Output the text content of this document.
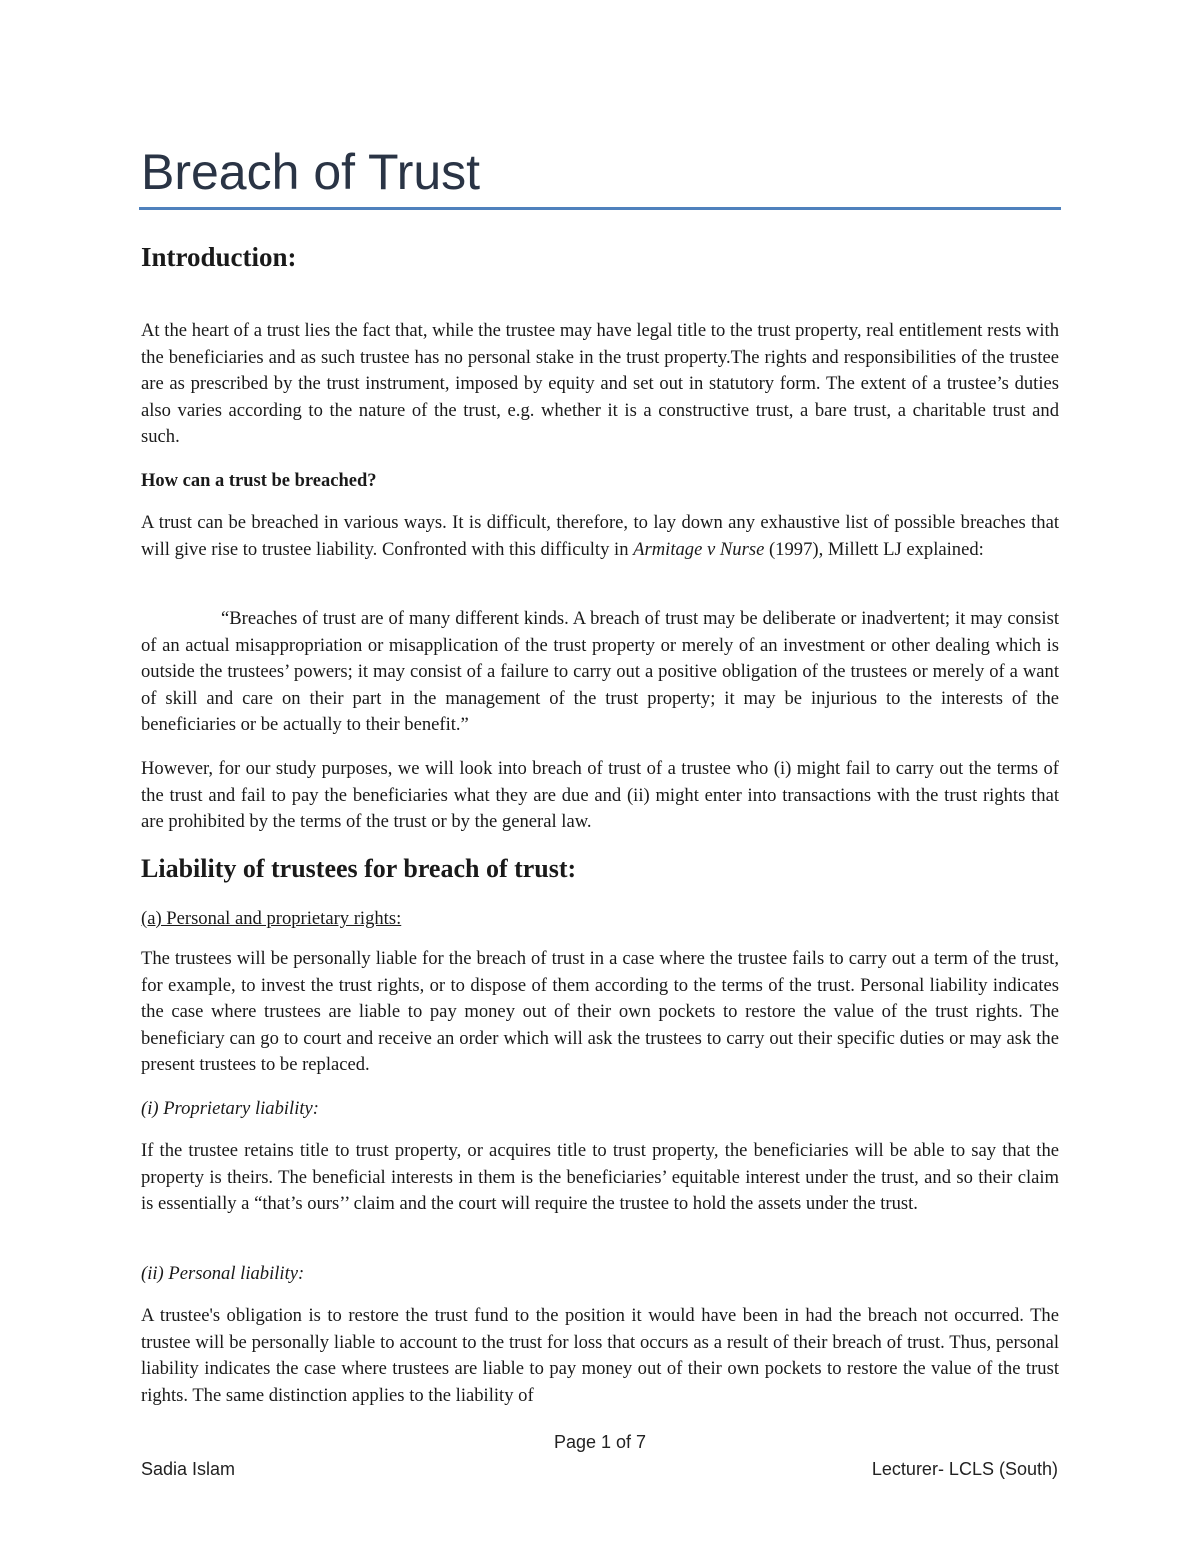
Breach of Trust
Introduction:

At the heart of a trust lies the fact that, while the trustee may have legal title to the trust property, real entitlement rests with the beneficiaries and as such trustee has no personal stake in the trust property.The rights and responsibilities of the trustee are as prescribed by the trust instrument, imposed by equity and set out in statutory form. The extent of a trustee’s duties also varies according to the nature of the trust, e.g. whether it is a constructive trust, a bare trust, a charitable trust and such.

How can a trust be breached?

A trust can be breached in various ways. It is difficult, therefore, to lay down any exhaustive list of possible breaches that will give rise to trustee liability. Confronted with this difficulty in Armitage v Nurse (1997), Millett LJ explained:

“Breaches of trust are of many different kinds. A breach of trust may be deliberate or inadvertent; it may consist of an actual misappropriation or misapplication of the trust property or merely of an investment or other dealing which is outside the trustees’ powers; it may consist of a failure to carry out a positive obligation of the trustees or merely of a want of skill and care on their part in the management of the trust property; it may be injurious to the interests of the beneficiaries or be actually to their benefit.”

However, for our study purposes, we will look into breach of trust of a trustee who (i) might fail to carry out the terms of the trust and fail to pay the beneficiaries what they are due and (ii) might enter into transactions with the trust rights that are prohibited by the terms of the trust or by the general law.

Liability of trustees for breach of trust:

(a) Personal and proprietary rights:

The trustees will be personally liable for the breach of trust in a case where the trustee fails to carry out a term of the trust, for example, to invest the trust rights, or to dispose of them according to the terms of the trust. Personal liability indicates the case where trustees are liable to pay money out of their own pockets to restore the value of the trust rights. The beneficiary can go to court and receive an order which will ask the trustees to carry out their specific duties or may ask the present trustees to be replaced.

(i) Proprietary liability:

If the trustee retains title to trust property, or acquires title to trust property, the beneficiaries will be able to say that the property is theirs. The beneficial interests in them is the beneficiaries’ equitable interest under the trust, and so their claim is essentially a “that’s ours’’ claim and the court will require the trustee to hold the assets under the trust.

(ii) Personal liability:

A trustee's obligation is to restore the trust fund to the position it would have been in had the breach not occurred. The trustee will be personally liable to account to the trust for loss that occurs as a result of their breach of trust. Thus, personal liability indicates the case where trustees are liable to pay money out of their own pockets to restore the value of the trust rights. The same distinction applies to the liability of

Page 1 of 7
Sadia Islam	Lecturer- LCLS (South)
